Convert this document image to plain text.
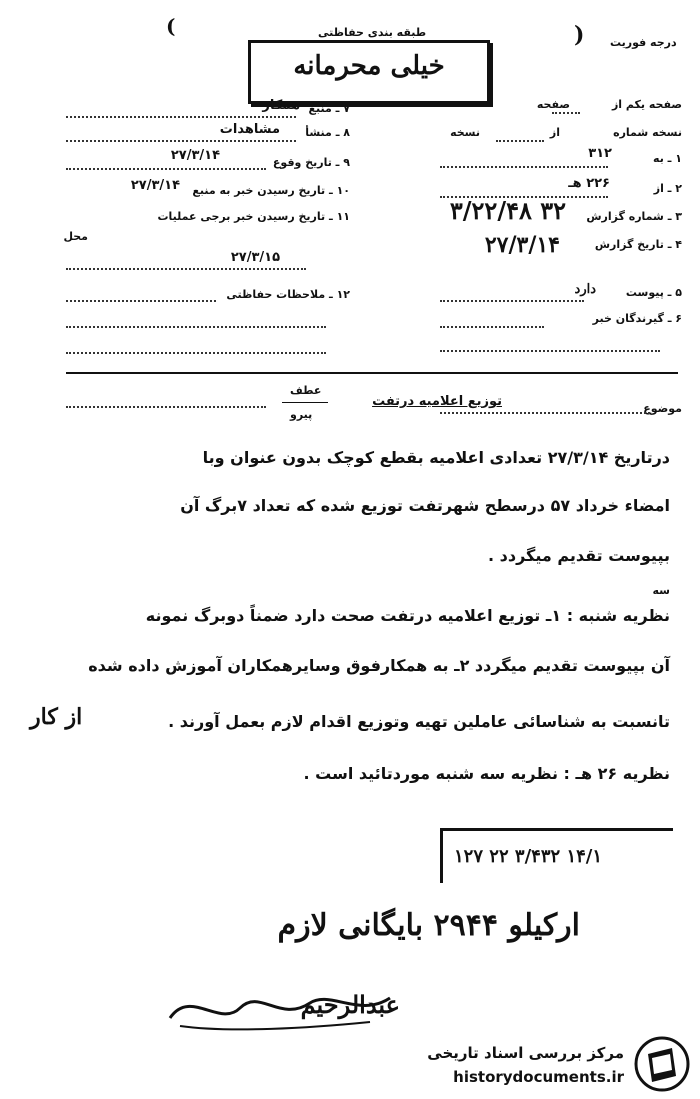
طبقه بندی حفاظتی
درجه فوریت
(
)
خیلی محرمانه
صفحه یکم از
صفحه
نسخه شماره
از
نسخه
۱ ـ به
۳۱۲
۲ ـ از
۲۲۶ هـ
۳ ـ شماره گزارش
۳۲ ۳/۲۲/۴۸
۴ ـ تاریخ گزارش
۲۷/۳/۱۴
۵ ـ پیوست
دارد
۶ ـ گیرندگان خبر
۷ ـ منبع
همکار
۸ ـ منشأ
مشاهدات
۹ ـ تاریخ وقوع
۲۷/۳/۱۴
۱۰ ـ تاریخ رسیدن خبر به منبع
۲۷/۳/۱۴
۱۱ ـ تاریخ رسیدن خبر برجی عملیات
محل
۲۷/۳/۱۵
۱۲ ـ ملاحظات حفاظتی
موضوع
توزیع اعلامیه درتفت
عطف
پیرو
درتاریخ ۲۷/۳/۱۴ تعدادی اعلامیه بقطع کوچک بدون عنوان وبا
امضاء خرداد ۵۷ درسطح شهرتفت توزیع شده که تعداد ۷برگ آن
بپیوست تقدیم میگردد .
سه
نظریه شنبه : ۱ـ توزیع اعلامیه درتفت صحت دارد ضمناً دوبرگ نمونه
آن بپیوست تقدیم میگردد ۲ـ به همکارفوق وسایرهمکاران آموزش داده شده
تانسبت به شناسائی عاملین تهیه وتوزیع اقدام لازم بعمل آورند .
از کار
نظریه ۲۶ هـ : نظریه سه شنبه موردتائید است .
۱۴/۱ ۳/۴۳۲ ۲۲ ۱۲۷
ارکیلو ۲۹۴۴ بایگانی لازم
عبدالرحیم
مرکز بررسی اسناد تاریخی
historydocuments.ir
